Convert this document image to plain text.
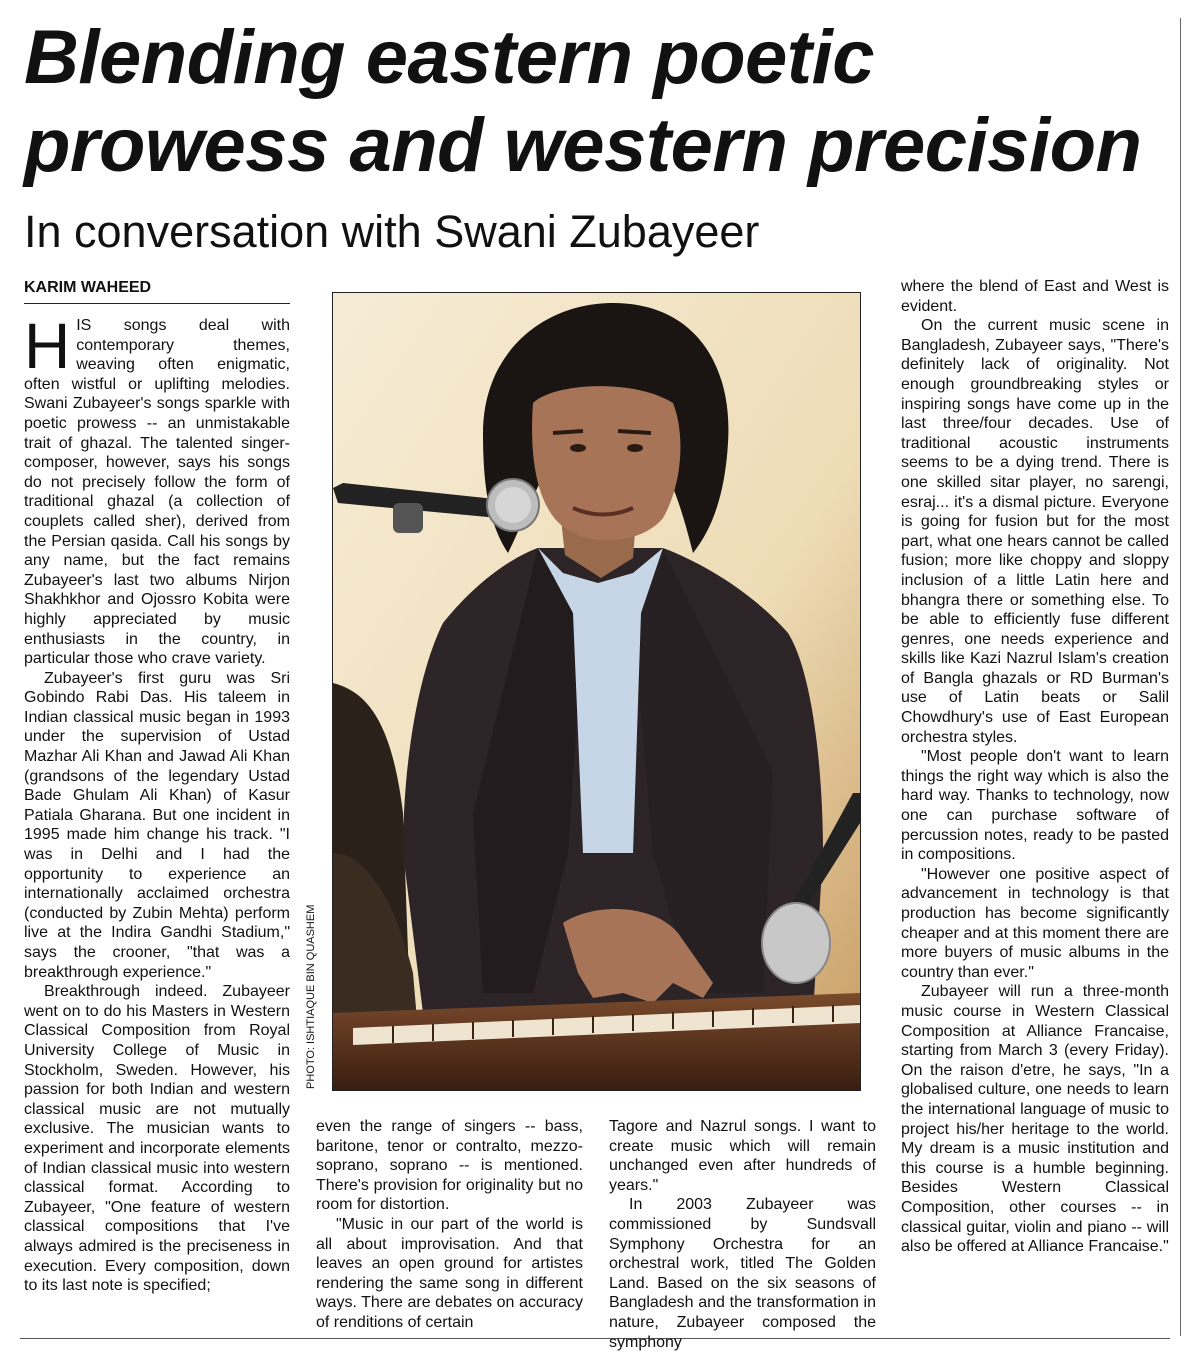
Blending eastern poetic prowess and western precision
In conversation with Swani Zubayeer
KARIM WAHEED

HIS songs deal with contemporary themes, weaving often enigmatic, often wistful or uplifting melodies. Swani Zubayeer's songs sparkle with poetic prowess -- an unmistakable trait of ghazal. The talented singer-composer, however, says his songs do not precisely follow the form of traditional ghazal (a collection of couplets called sher), derived from the Persian qasida. Call his songs by any name, but the fact remains Zubayeer's last two albums Nirjon Shakhkhor and Ojossro Kobita were highly appreciated by music enthusiasts in the country, in particular those who crave variety.

Zubayeer's first guru was Sri Gobindo Rabi Das. His taleem in Indian classical music began in 1993 under the supervision of Ustad Mazhar Ali Khan and Jawad Ali Khan (grandsons of the legendary Ustad Bade Ghulam Ali Khan) of Kasur Patiala Gharana. But one incident in 1995 made him change his track. "I was in Delhi and I had the opportunity to experience an internationally acclaimed orchestra (conducted by Zubin Mehta) perform live at the Indira Gandhi Stadium," says the crooner, "that was a breakthrough experience."

Breakthrough indeed. Zubayeer went on to do his Masters in Western Classical Composition from Royal University College of Music in Stockholm, Sweden. However, his passion for both Indian and western classical music are not mutually exclusive. The musician wants to experiment and incorporate elements of Indian classical music into western classical format. According to Zubayeer, "One feature of western classical compositions that I've always admired is the preciseness in execution. Every composition, down to its last note is specified;

PHOTO: ISHTIAQUE BIN QUASHEM

even the range of singers -- bass, baritone, tenor or contralto, mezzo-soprano, soprano -- is mentioned. There's provision for originality but no room for distortion.

"Music in our part of the world is all about improvisation. And that leaves an open ground for artistes rendering the same song in different ways. There are debates on accuracy of renditions of certain

Tagore and Nazrul songs. I want to create music which will remain unchanged even after hundreds of years."

In 2003 Zubayeer was commissioned by Sundsvall Symphony Orchestra for an orchestral work, titled The Golden Land. Based on the six seasons of Bangladesh and the transformation in nature, Zubayeer composed the symphony

where the blend of East and West is evident.

On the current music scene in Bangladesh, Zubayeer says, "There's definitely lack of originality. Not enough groundbreaking styles or inspiring songs have come up in the last three/four decades. Use of traditional acoustic instruments seems to be a dying trend. There is one skilled sitar player, no sarengi, esraj... it's a dismal picture. Everyone is going for fusion but for the most part, what one hears cannot be called fusion; more like choppy and sloppy inclusion of a little Latin here and bhangra there or something else. To be able to efficiently fuse different genres, one needs experience and skills like Kazi Nazrul Islam's creation of Bangla ghazals or RD Burman's use of Latin beats or Salil Chowdhury's use of East European orchestra styles.

"Most people don't want to learn things the right way which is also the hard way. Thanks to technology, now one can purchase software of percussion notes, ready to be pasted in compositions.

"However one positive aspect of advancement in technology is that production has become significantly cheaper and at this moment there are more buyers of music albums in the country than ever."

Zubayeer will run a three-month music course in Western Classical Composition at Alliance Francaise, starting from March 3 (every Friday). On the raison d'etre, he says, "In a globalised culture, one needs to learn the international language of music to project his/her heritage to the world. My dream is a music institution and this course is a humble beginning. Besides Western Classical Composition, other courses -- in classical guitar, violin and piano -- will also be offered at Alliance Francaise."
